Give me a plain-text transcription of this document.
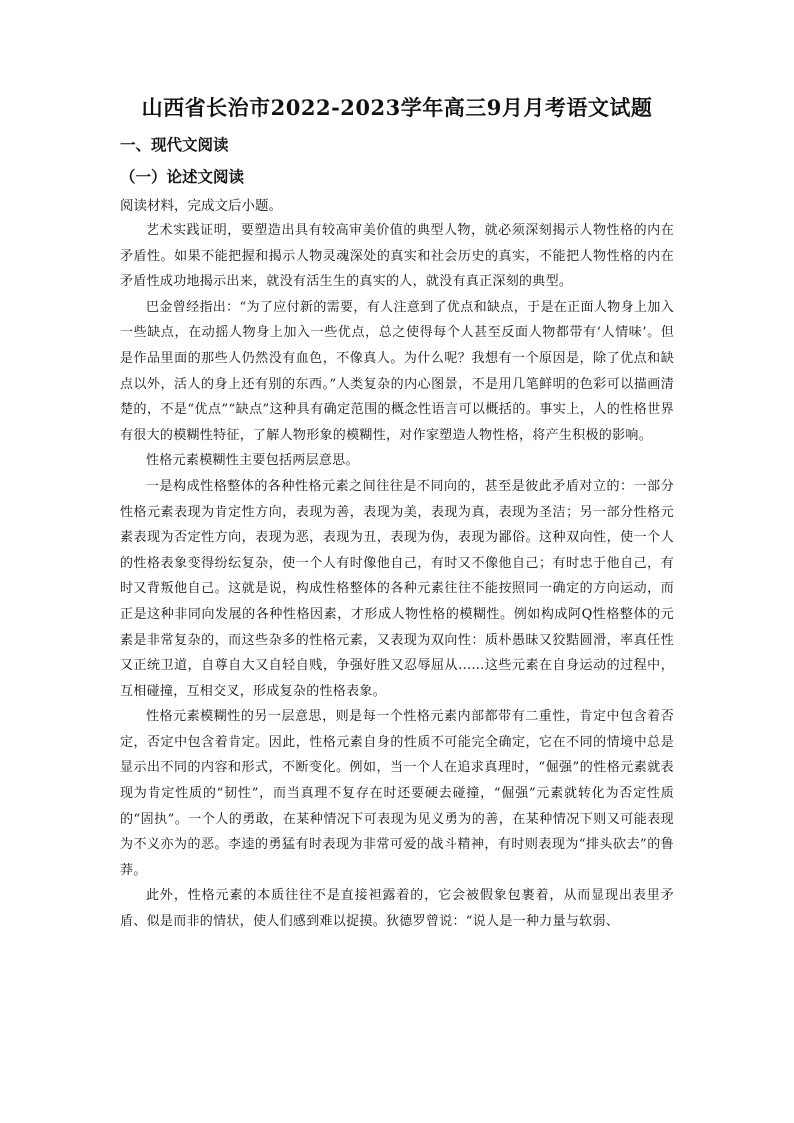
山西省长治市2022-2023学年高三9月月考语文试题
一、现代文阅读
（一）论述文阅读
阅读材料，完成文后小题。

艺术实践证明，要塑造出具有较高审美价值的典型人物，就必须深刻揭示人物性格的内在矛盾性。如果不能把握和揭示人物灵魂深处的真实和社会历史的真实，不能把人物性格的内在矛盾性成功地揭示出来，就没有活生生的真实的人，就没有真正深刻的典型。

巴金曾经指出：“为了应付新的需要，有人注意到了优点和缺点，于是在正面人物身上加入一些缺点，在动摇人物身上加入一些优点，总之使得每个人甚至反面人物都带有‘人情味’。但是作品里面的那些人仍然没有血色，不像真人。为什么呢？我想有一个原因是，除了优点和缺点以外，活人的身上还有别的东西。”人类复杂的内心图景，不是用几笔鲜明的色彩可以描画清楚的，不是“优点”“缺点”这种具有确定范围的概念性语言可以概括的。事实上，人的性格世界有很大的模糊性特征，了解人物形象的模糊性，对作家塑造人物性格，将产生积极的影响。

性格元素模糊性主要包括两层意思。

一是构成性格整体的各种性格元素之间往往是不同向的，甚至是彼此矛盾对立的：一部分性格元素表现为肯定性方向，表现为善，表现为美，表现为真，表现为圣洁；另一部分性格元素表现为否定性方向，表现为恶，表现为丑，表现为伪，表现为鄙俗。这种双向性，使一个人的性格表象变得纷纭复杂，使一个人有时像他自己，有时又不像他自己；有时忠于他自己，有时又背叛他自己。这就是说，构成性格整体的各种元素往往不能按照同一确定的方向运动，而正是这种非同向发展的各种性格因素，才形成人物性格的模糊性。例如构成阿Q性格整体的元素是非常复杂的，而这些杂多的性格元素，又表现为双向性：质朴愚昧又狡黠圆滑，率真任性又正统卫道，自尊自大又自轻自贱，争强好胜又忍辱屈从……这些元素在自身运动的过程中，互相碰撞，互相交叉，形成复杂的性格表象。

性格元素模糊性的另一层意思，则是每一个性格元素内部都带有二重性，肯定中包含着否定，否定中包含着肯定。因此，性格元素自身的性质不可能完全确定，它在不同的情境中总是显示出不同的内容和形式，不断变化。例如，当一个人在追求真理时，“倔强”的性格元素就表现为肯定性质的“韧性”，而当真理不复存在时还要硬去碰撞，“倔强”元素就转化为否定性质的“固执”。一个人的勇敢，在某种情况下可表现为见义勇为的善，在某种情况下则又可能表现为不义亦为的恶。李逵的勇猛有时表现为非常可爱的战斗精神，有时则表现为“排头砍去”的鲁莽。

此外，性格元素的本质往往不是直接袒露着的，它会被假象包裹着，从而显现出表里矛盾、似是而非的情状，使人们感到难以捉摸。狄德罗曾说：“说人是一种力量与软弱、
